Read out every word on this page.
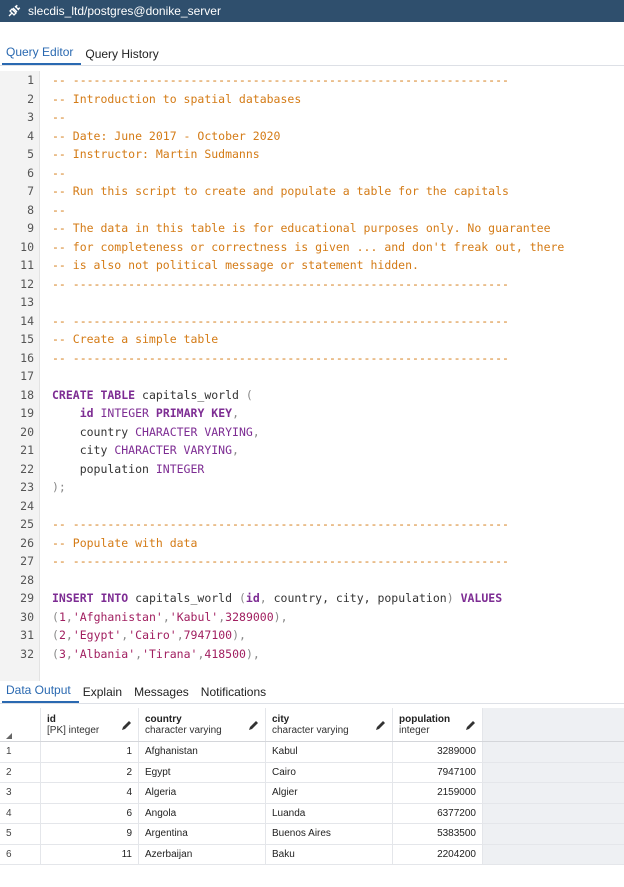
slecdis_ltd/postgres@donike_server
Query Editor	Query History
1	-- ---------------------------------------------------------------
2	-- Introduction to spatial databases
3	--
4	-- Date: June 2017 - October 2020
5	-- Instructor: Martin Sudmanns
6	--
7	-- Run this script to create and populate a table for the capitals
8	--
9	-- The data in this table is for educational purposes only. No guarantee
10	-- for completeness or correctness is given ... and don't freak out, there
11	-- is also not political message or statement hidden.
12	-- ---------------------------------------------------------------
13
14	-- ---------------------------------------------------------------
15	-- Create a simple table
16	-- ---------------------------------------------------------------
17
18	CREATE TABLE capitals_world (
19	id INTEGER PRIMARY KEY,
20	country CHARACTER VARYING,
21	city CHARACTER VARYING,
22	population INTEGER
23	);
24
25	-- ---------------------------------------------------------------
26	-- Populate with data
27	-- ---------------------------------------------------------------
28
29	INSERT INTO capitals_world (id, country, city, population) VALUES
30	(1,'Afghanistan','Kabul',3289000),
31	(2,'Egypt','Cairo',7947100),
32	(3,'Albania','Tirana',418500),
Data Output	Explain	Messages	Notifications
id
[PK] integer
country
character varying
city
character varying
population
integer
1	1	Afghanistan	Kabul	3289000
2	2	Egypt	Cairo	7947100
3	4	Algeria	Algier	2159000
4	6	Angola	Luanda	6377200
5	9	Argentina	Buenos Aires	5383500
6	11	Azerbaijan	Baku	2204200
